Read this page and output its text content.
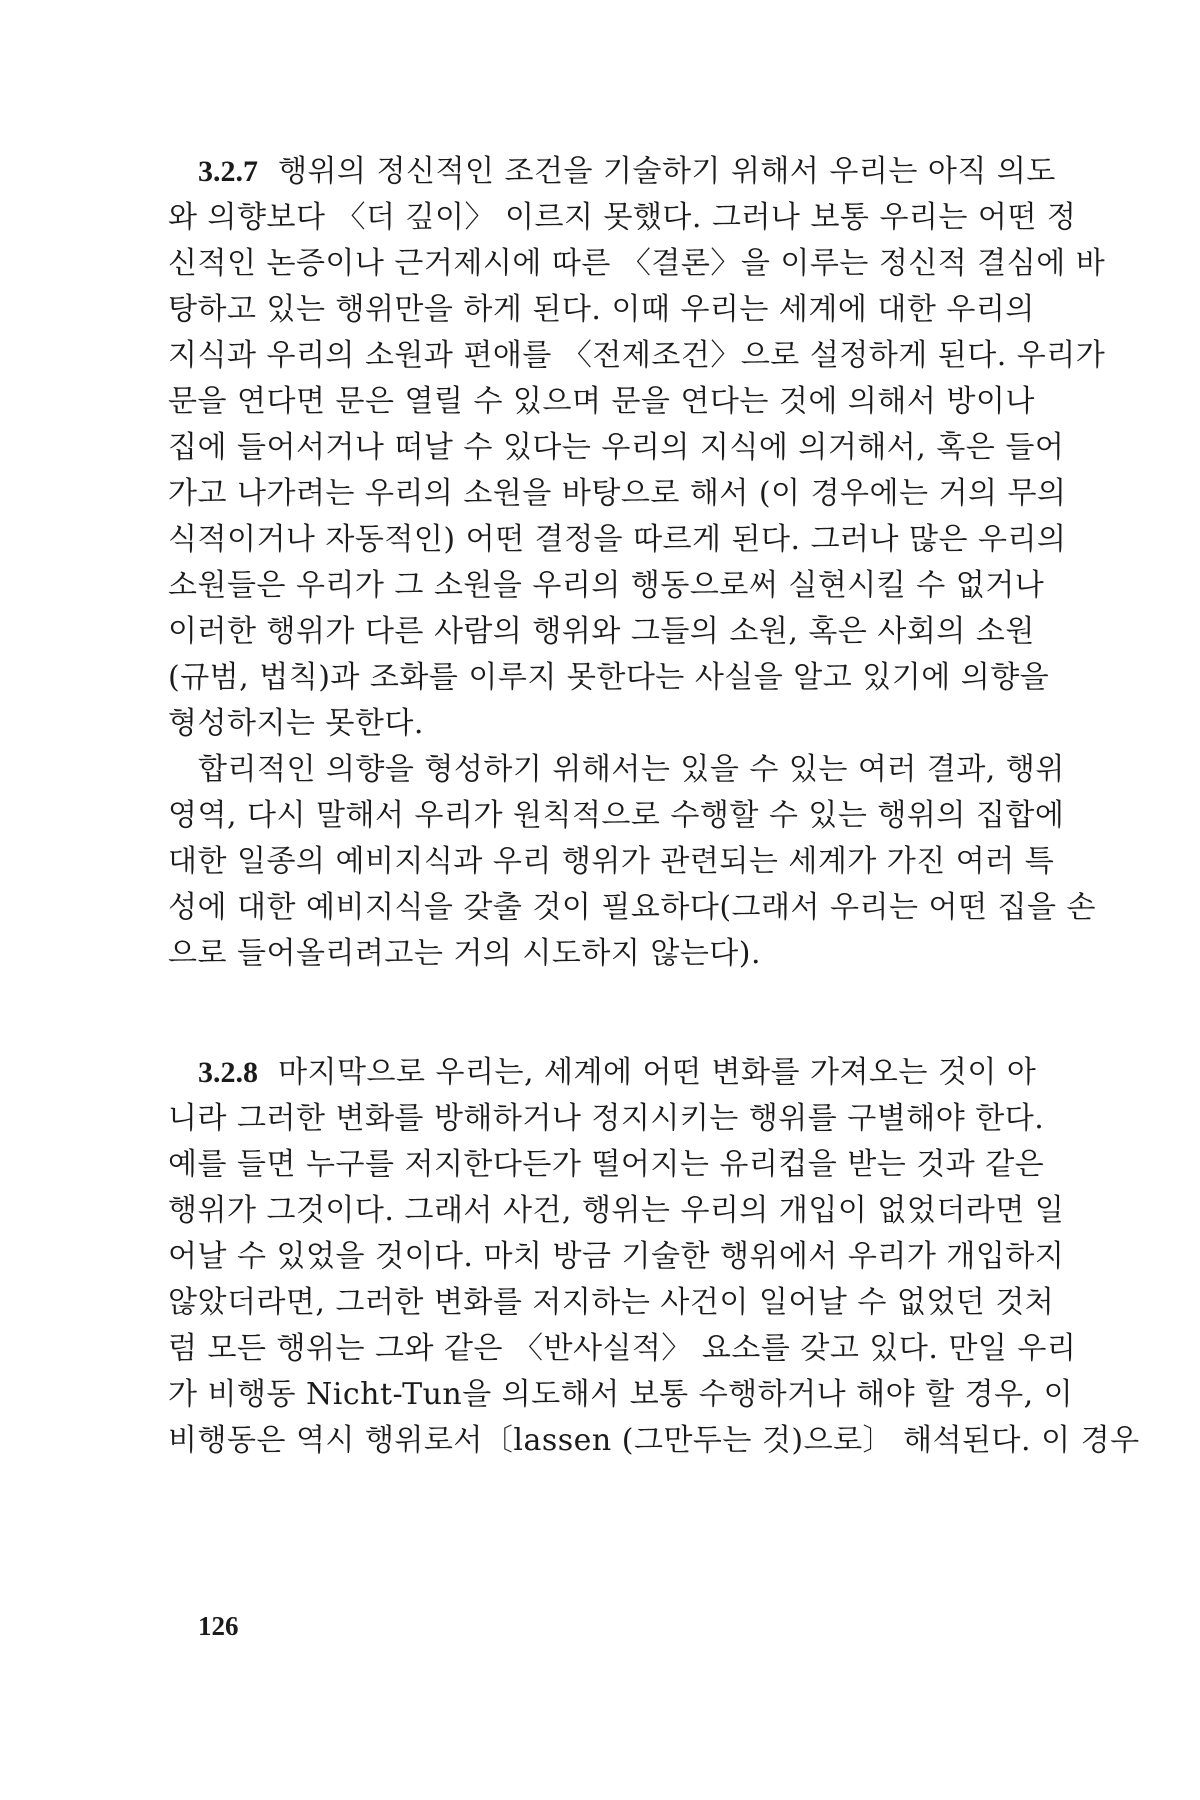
3.2.7 행위의 정신적인 조건을 기술하기 위해서 우리는 아직 의도
와 의향보다 〈더 깊이〉 이르지 못했다. 그러나 보통 우리는 어떤 정
신적인 논증이나 근거제시에 따른 〈결론〉을 이루는 정신적 결심에 바
탕하고 있는 행위만을 하게 된다. 이때 우리는 세계에 대한 우리의
지식과 우리의 소원과 편애를 〈전제조건〉으로 설정하게 된다. 우리가
문을 연다면 문은 열릴 수 있으며 문을 연다는 것에 의해서 방이나
집에 들어서거나 떠날 수 있다는 우리의 지식에 의거해서, 혹은 들어
가고 나가려는 우리의 소원을 바탕으로 해서 (이 경우에는 거의 무의
식적이거나 자동적인) 어떤 결정을 따르게 된다. 그러나 많은 우리의
소원들은 우리가 그 소원을 우리의 행동으로써 실현시킬 수 없거나
이러한 행위가 다른 사람의 행위와 그들의 소원, 혹은 사회의 소원
(규범, 법칙)과 조화를 이루지 못한다는 사실을 알고 있기에 의향을
형성하지는 못한다.
합리적인 의향을 형성하기 위해서는 있을 수 있는 여러 결과, 행위
영역, 다시 말해서 우리가 원칙적으로 수행할 수 있는 행위의 집합에
대한 일종의 예비지식과 우리 행위가 관련되는 세계가 가진 여러 특
성에 대한 예비지식을 갖출 것이 필요하다(그래서 우리는 어떤 집을 손
으로 들어올리려고는 거의 시도하지 않는다).
3.2.8 마지막으로 우리는, 세계에 어떤 변화를 가져오는 것이 아
니라 그러한 변화를 방해하거나 정지시키는 행위를 구별해야 한다.
예를 들면 누구를 저지한다든가 떨어지는 유리컵을 받는 것과 같은
행위가 그것이다. 그래서 사건, 행위는 우리의 개입이 없었더라면 일
어날 수 있었을 것이다. 마치 방금 기술한 행위에서 우리가 개입하지
않았더라면, 그러한 변화를 저지하는 사건이 일어날 수 없었던 것처
럼 모든 행위는 그와 같은 〈반사실적〉 요소를 갖고 있다. 만일 우리
가 비행동 Nicht-Tun을 의도해서 보통 수행하거나 해야 할 경우, 이
비행동은 역시 행위로서〔lassen (그만두는 것)으로〕 해석된다. 이 경우
126
